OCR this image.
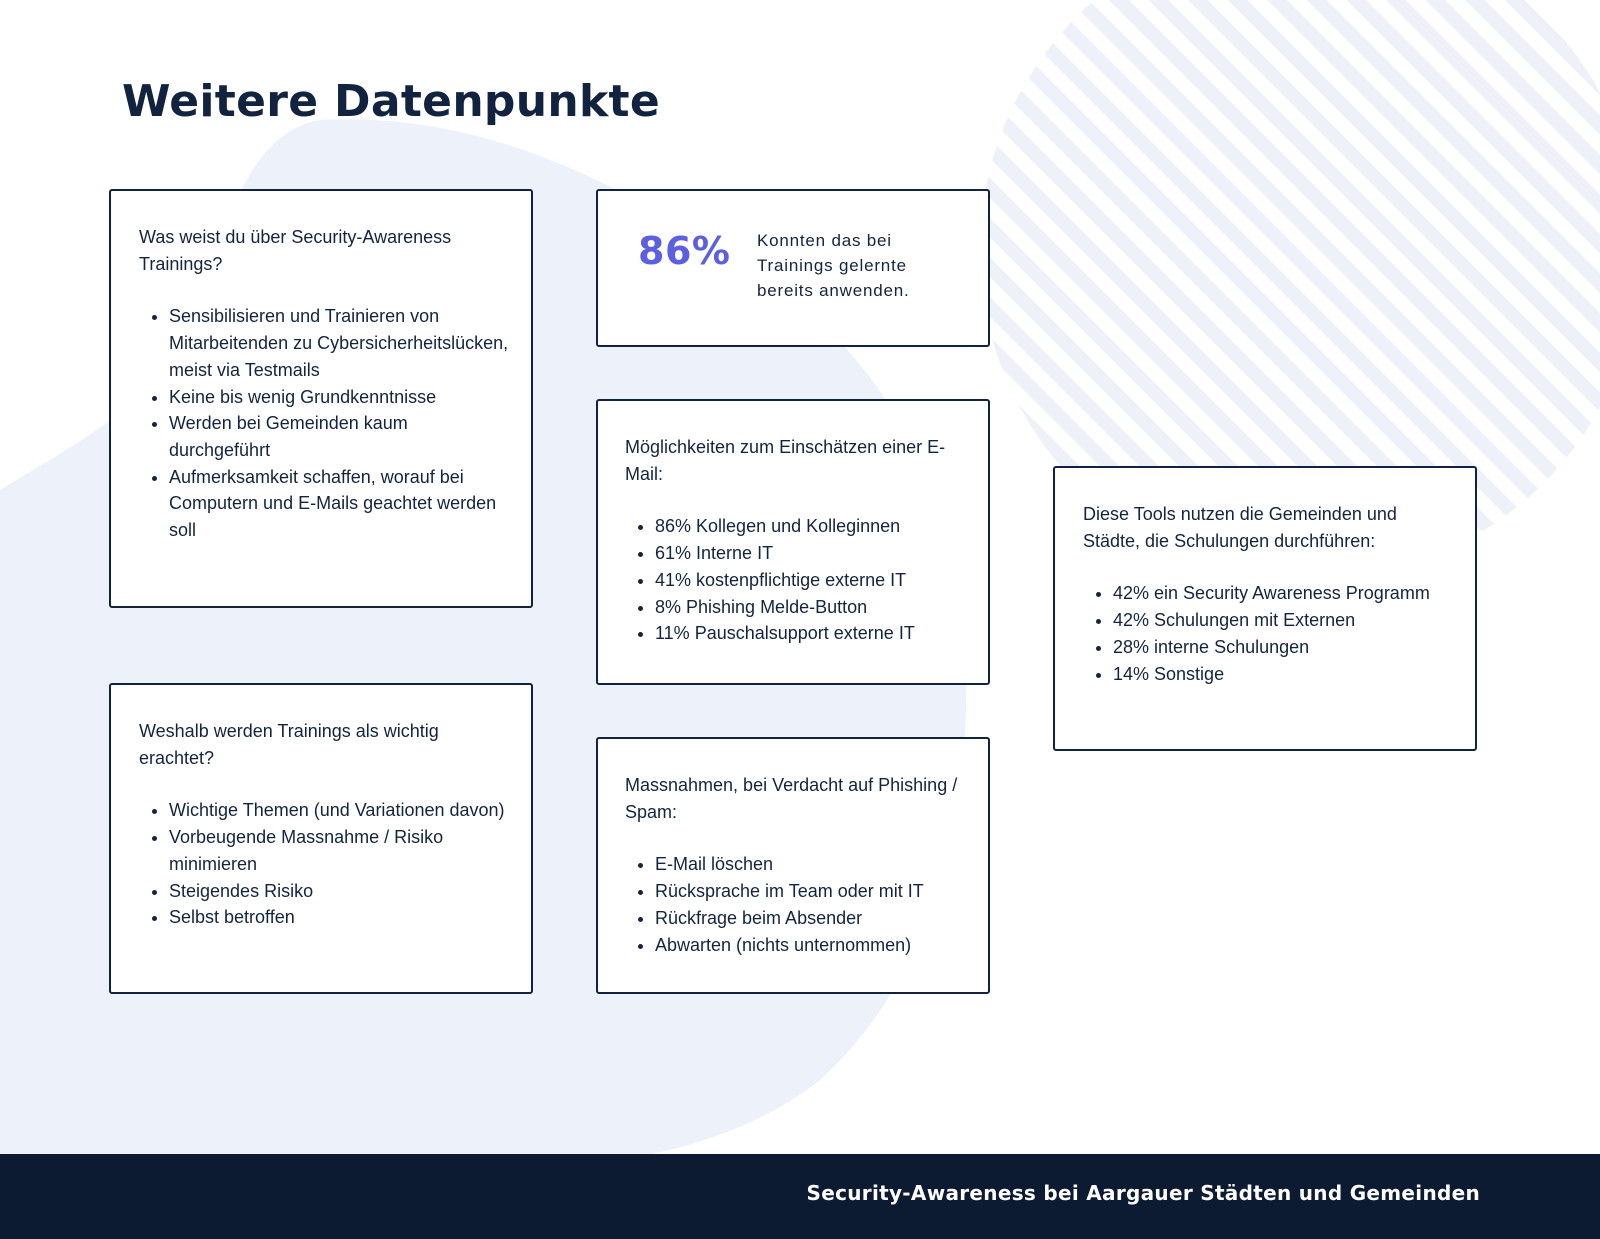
Weitere Datenpunkte

Was weist du über Security-Awareness Trainings?

• Sensibilisieren und Trainieren von Mitarbeitenden zu Cybersicherheitslücken, meist via Testmails
• Keine bis wenig Grundkenntnisse
• Werden bei Gemeinden kaum durchgeführt
• Aufmerksamkeit schaffen, worauf bei Computern und E-Mails geachtet werden soll

Weshalb werden Trainings als wichtig erachtet?

• Wichtige Themen (und Variationen davon)
• Vorbeugende Massnahme / Risiko minimieren
• Steigendes Risiko
• Selbst betroffen
86% Konnten das bei Trainings gelernte bereits anwenden.

Möglichkeiten zum Einschätzen einer E-Mail:

• 86% Kollegen und Kolleginnen
• 61% Interne IT
• 41% kostenpflichtige externe IT
• 8% Phishing Melde-Button
• 11% Pauschalsupport externe IT

Massnahmen, bei Verdacht auf Phishing / Spam:

• E-Mail löschen
• Rücksprache im Team oder mit IT
• Rückfrage beim Absender
• Abwarten (nichts unternommen)

Diese Tools nutzen die Gemeinden und Städte, die Schulungen durchführen:

• 42% ein Security Awareness Programm
• 42% Schulungen mit Externen
• 28% interne Schulungen
• 14% Sonstige
Security-Awareness bei Aargauer Städten und Gemeinden
